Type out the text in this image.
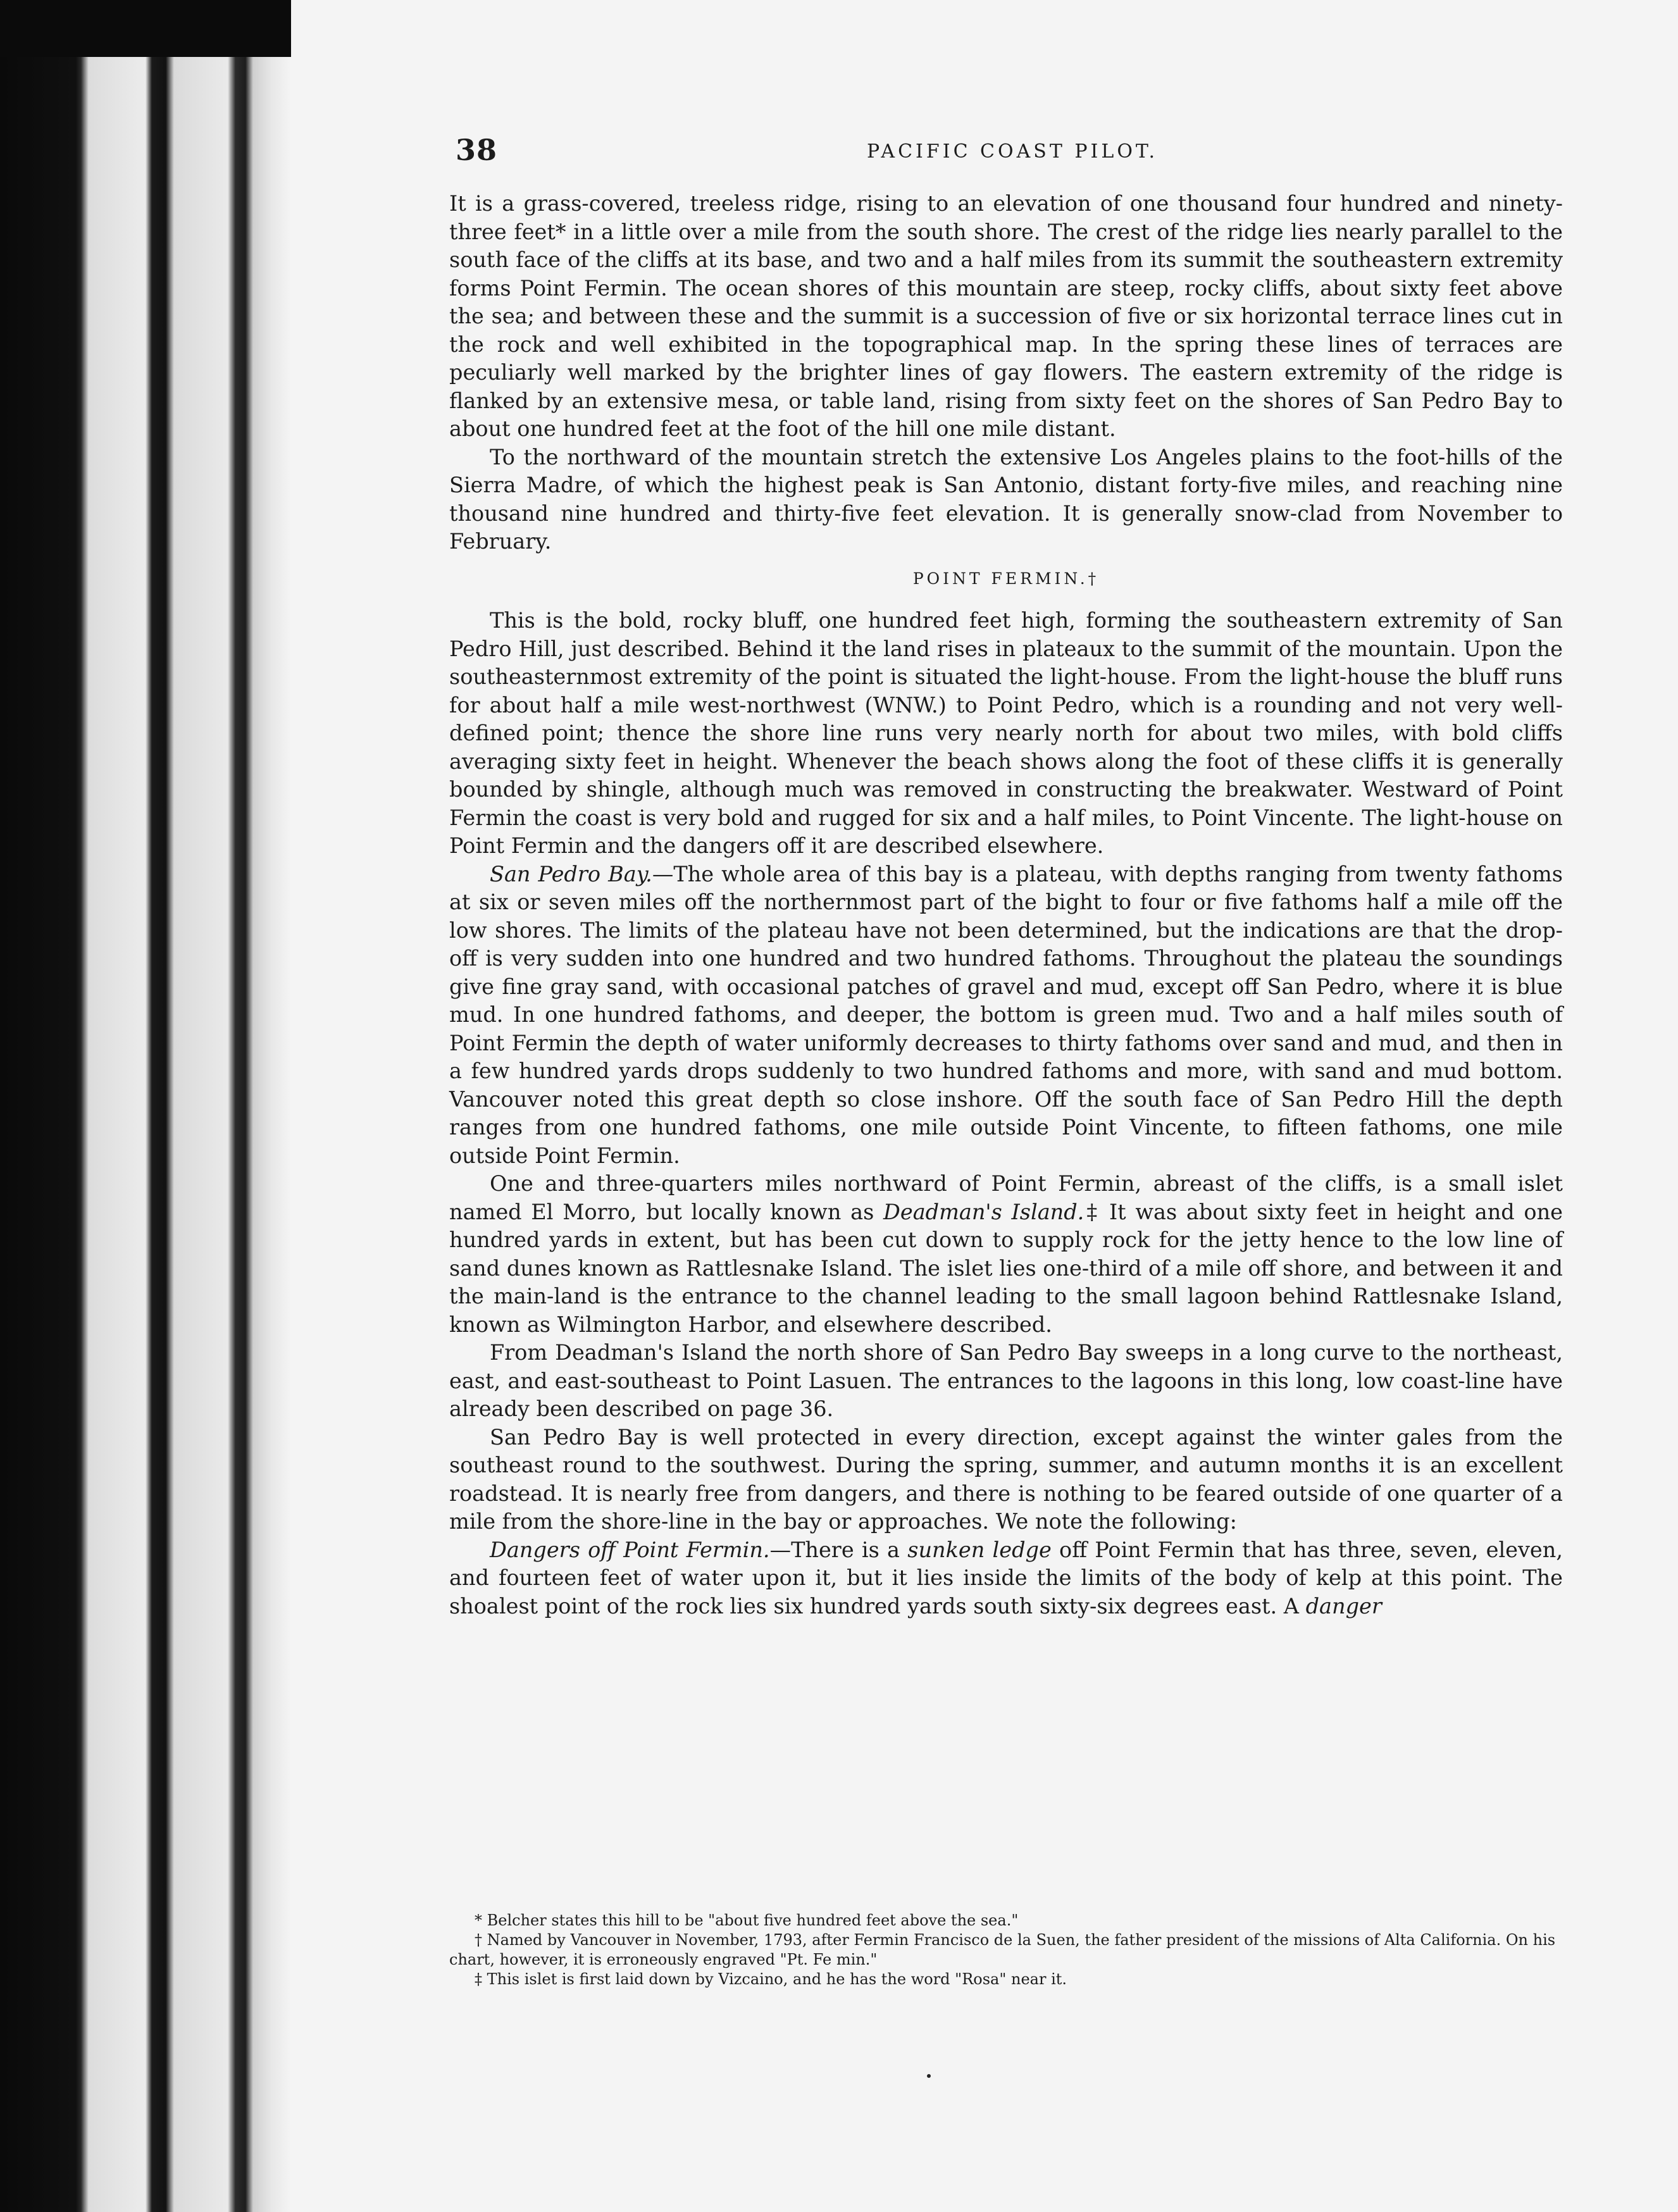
38	PACIFIC COAST PILOT.

It is a grass-covered, treeless ridge, rising to an elevation of one thousand four hundred and ninety-three feet* in a little over a mile from the south shore. The crest of the ridge lies nearly parallel to the south face of the cliffs at its base, and two and a half miles from its summit the southeastern extremity forms Point Fermin. The ocean shores of this mountain are steep, rocky cliffs, about sixty feet above the sea; and between these and the summit is a succession of five or six horizontal terrace lines cut in the rock and well exhibited in the topographical map. In the spring these lines of terraces are peculiarly well marked by the brighter lines of gay flowers. The eastern extremity of the ridge is flanked by an extensive mesa, or table land, rising from sixty feet on the shores of San Pedro Bay to about one hundred feet at the foot of the hill one mile distant.

To the northward of the mountain stretch the extensive Los Angeles plains to the foot-hills of the Sierra Madre, of which the highest peak is San Antonio, distant forty-five miles, and reaching nine thousand nine hundred and thirty-five feet elevation. It is generally snow-clad from November to February.

POINT FERMIN.†

This is the bold, rocky bluff, one hundred feet high, forming the southeastern extremity of San Pedro Hill, just described. Behind it the land rises in plateaux to the summit of the mountain. Upon the southeasternmost extremity of the point is situated the light-house. From the light-house the bluff runs for about half a mile west-northwest (WNW.) to Point Pedro, which is a rounding and not very well-defined point; thence the shore line runs very nearly north for about two miles, with bold cliffs averaging sixty feet in height. Whenever the beach shows along the foot of these cliffs it is generally bounded by shingle, although much was removed in constructing the breakwater. Westward of Point Fermin the coast is very bold and rugged for six and a half miles, to Point Vincente. The light-house on Point Fermin and the dangers off it are described elsewhere.

San Pedro Bay.—The whole area of this bay is a plateau, with depths ranging from twenty fathoms at six or seven miles off the northernmost part of the bight to four or five fathoms half a mile off the low shores. The limits of the plateau have not been determined, but the indications are that the drop-off is very sudden into one hundred and two hundred fathoms. Throughout the plateau the soundings give fine gray sand, with occasional patches of gravel and mud, except off San Pedro, where it is blue mud. In one hundred fathoms, and deeper, the bottom is green mud. Two and a half miles south of Point Fermin the depth of water uniformly decreases to thirty fathoms over sand and mud, and then in a few hundred yards drops suddenly to two hundred fathoms and more, with sand and mud bottom. Vancouver noted this great depth so close inshore. Off the south face of San Pedro Hill the depth ranges from one hundred fathoms, one mile outside Point Vincente, to fifteen fathoms, one mile outside Point Fermin.

One and three-quarters miles northward of Point Fermin, abreast of the cliffs, is a small islet named El Morro, but locally known as Deadman's Island.‡ It was about sixty feet in height and one hundred yards in extent, but has been cut down to supply rock for the jetty hence to the low line of sand dunes known as Rattlesnake Island. The islet lies one-third of a mile off shore, and between it and the main-land is the entrance to the channel leading to the small lagoon behind Rattlesnake Island, known as Wilmington Harbor, and elsewhere described.

From Deadman's Island the north shore of San Pedro Bay sweeps in a long curve to the northeast, east, and east-southeast to Point Lasuen. The entrances to the lagoons in this long, low coast-line have already been described on page 36.

San Pedro Bay is well protected in every direction, except against the winter gales from the southeast round to the southwest. During the spring, summer, and autumn months it is an excellent roadstead. It is nearly free from dangers, and there is nothing to be feared outside of one quarter of a mile from the shore-line in the bay or approaches. We note the following:

Dangers off Point Fermin.—There is a sunken ledge off Point Fermin that has three, seven, eleven, and fourteen feet of water upon it, but it lies inside the limits of the body of kelp at this point. The shoalest point of the rock lies six hundred yards south sixty-six degrees east. A danger

* Belcher states this hill to be "about five hundred feet above the sea."

† Named by Vancouver in November, 1793, after Fermin Francisco de la Suen, the father president of the missions of Alta California. On his chart, however, it is erroneously engraved "Pt. Fe min."

‡ This islet is first laid down by Vizcaino, and he has the word "Rosa" near it.
